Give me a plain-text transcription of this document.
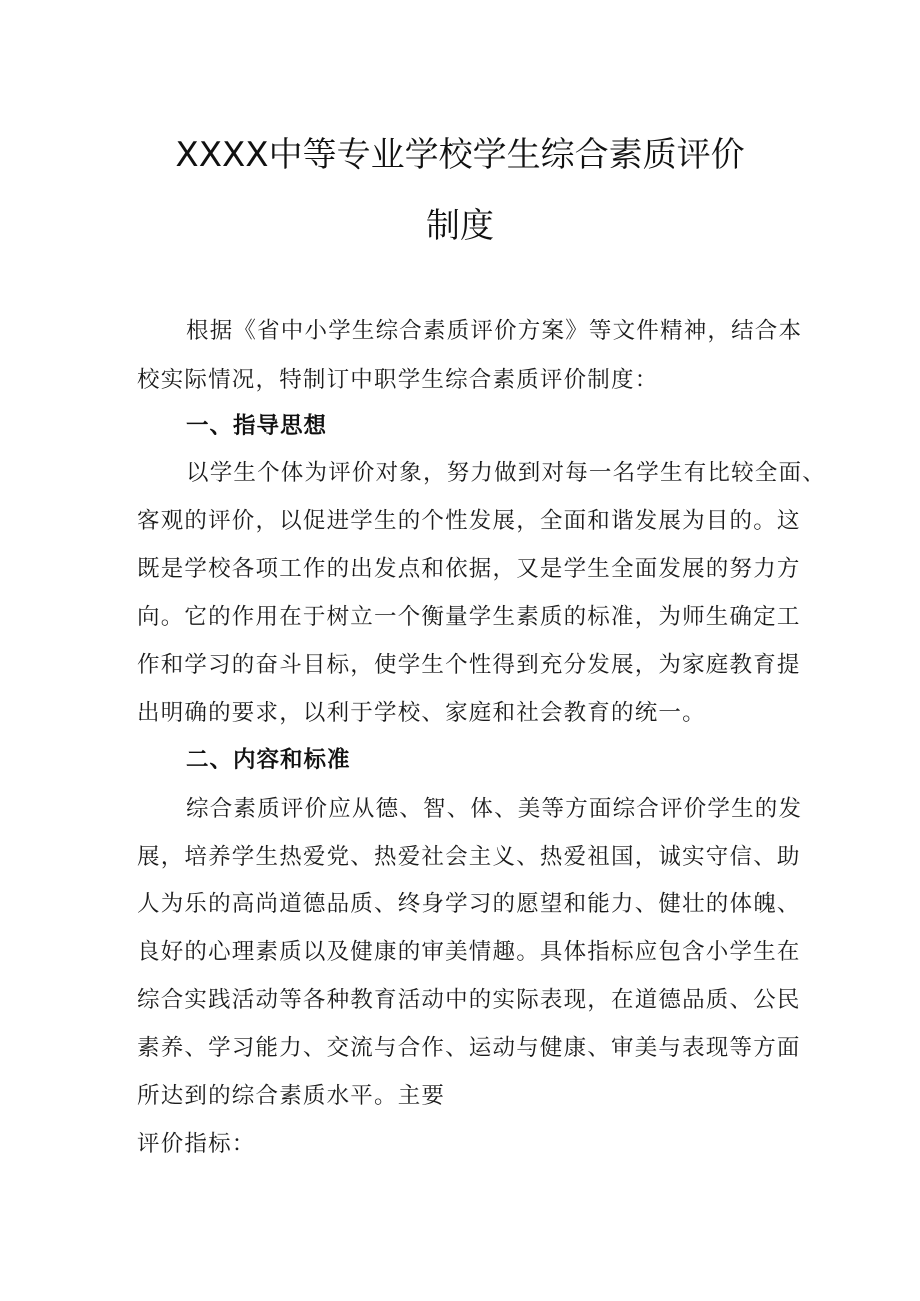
XXXX中等专业学校学生综合素质评价
制度
根据《省中小学生综合素质评价方案》等文件精神，结合本
校实际情况，特制订中职学生综合素质评价制度：
一、指导思想
以学生个体为评价对象，努力做到对每一名学生有比较全面、
客观的评价，以促进学生的个性发展，全面和谐发展为目的。这
既是学校各项工作的出发点和依据，又是学生全面发展的努力方
向。它的作用在于树立一个衡量学生素质的标准，为师生确定工
作和学习的奋斗目标，使学生个性得到充分发展，为家庭教育提
出明确的要求，以利于学校、家庭和社会教育的统一。
二、内容和标准
综合素质评价应从德、智、体、美等方面综合评价学生的发
展，培养学生热爱党、热爱社会主义、热爱祖国，诚实守信、助
人为乐的高尚道德品质、终身学习的愿望和能力、健壮的体魄、
良好的心理素质以及健康的审美情趣。具体指标应包含小学生在
综合实践活动等各种教育活动中的实际表现，在道德品质、公民
素养、学习能力、交流与合作、运动与健康、审美与表现等方面
所达到的综合素质水平。主要
评价指标：
